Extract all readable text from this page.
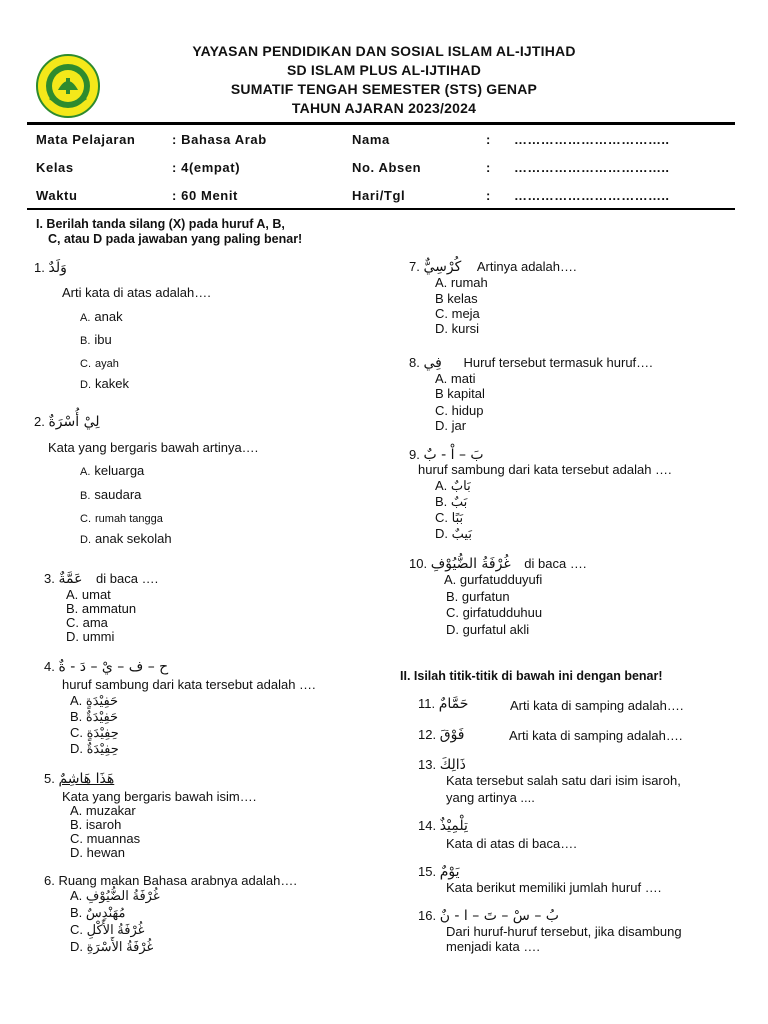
YAYASAN PENDIDIKAN DAN SOSIAL ISLAM AL-IJTIHAD
SD ISLAM PLUS AL-IJTIHAD
SUMATIF TENGAH SEMESTER (STS) GENAP
TAHUN AJARAN 2023/2024
Mata Pelajaran	: Bahasa Arab
Kelas	: 4(empat)
Waktu	: 60 Menit
Nama	: ……………………………..
No. Absen	: ……………………………..
Hari/Tgl	: ……………………………..
I. Berilah tanda silang (X) pada huruf A, B,
C, atau D pada jawaban yang paling benar!
1. وَلَدٌ
Arti kata di atas adalah….
A. anak
B. ibu
C. ayah
D. kakek
2. لِيْ أُسْرَةٌ
Kata yang bergaris bawah artinya….
A. keluarga
B. saudara
C. rumah tangga
D. anak sekolah
3. عَمَّةٌ di baca ….
A. umat
B. ammatun
C. ama
D. ummi
4. ح – ف – يْ – دَ - ةٌ
huruf sambung dari kata tersebut adalah ….
A. حَفِيْدَةٍ
B. حَفِيْدَةٌ
C. حِفِيْدَةٍ
D. حِفِيْدَةٌ
5. هَذَا هَاشِمٌ
Kata yang bergaris bawah isim….
A. muzakar
B. isaroh
C. muannas
D. hewan
6. Ruang makan Bahasa arabnya adalah….
A. غُرْفَةُ الضُّيُوْفِ
B. مُهَنْدِسٌ
C. غُرْفَةُ الأَكْلِ
D. غُرْفَةُ الأَسْرَةِ
7. كُرْسِيٌّ Artinya adalah….
A. rumah
B kelas
C. meja
D. kursi
8. فِي Huruf tersebut termasuk huruf….
A. mati
B kapital
C. hidup
D. jar
9. بَ – اْ - بٌ
huruf sambung dari kata tersebut adalah ….
A. بَابٌ
B. بَبٌ
C. بَبًا
D. بَيبٌ
10. غُرْفَةُ الضُّيُوْفِ di baca ….
A. gurfatudduyufi
B. gurfatun
C. girfatudduhuu
D. gurfatul akli
II. Isilah titik-titik di bawah ini dengan benar!
11. حَمَّامٌ	Arti kata di samping adalah….
12. فَوْقَ	Arti kata di samping adalah….
13. ذَالِكَ
Kata tersebut salah satu dari isim isaroh,
yang artinya ....
14. تِلْمِيْذٌ
Kata di atas di baca….
15. يَوْمٌ
Kata berikut memiliki jumlah huruf ….
16. بُ – سْ – تَ – ا - نٌ
Dari huruf-huruf tersebut, jika disambung
menjadi kata ….
